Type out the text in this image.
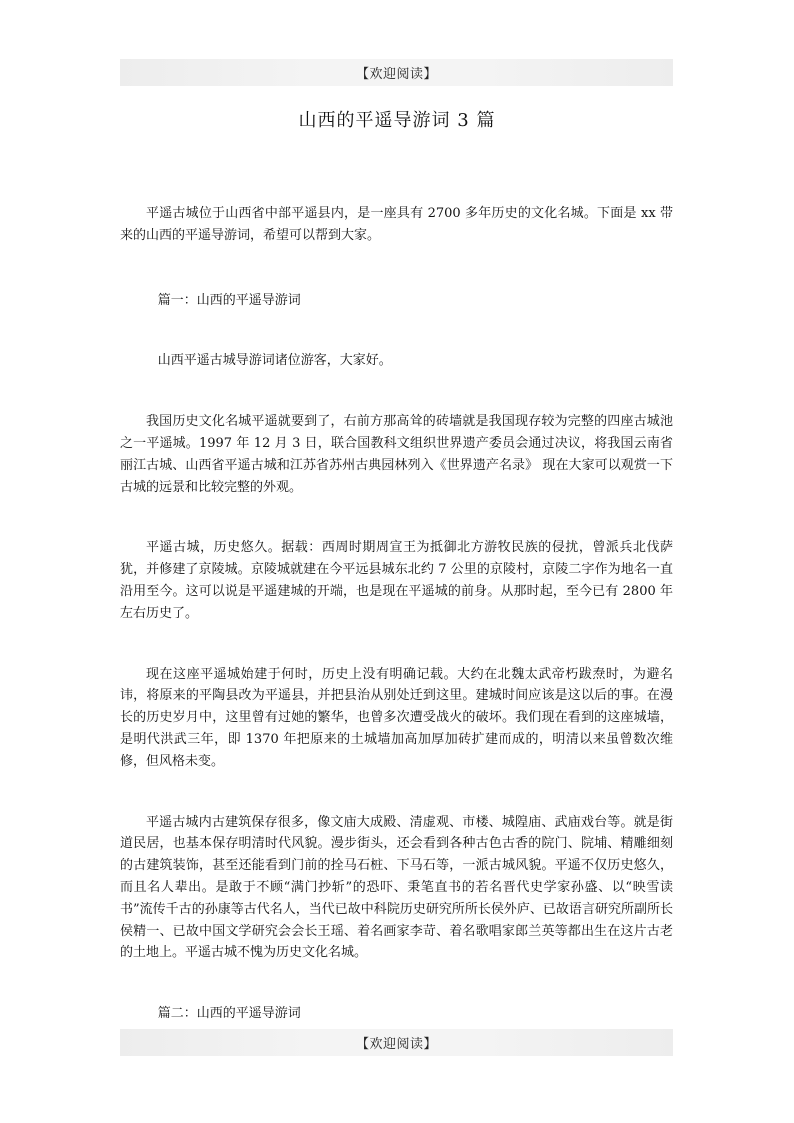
【欢迎阅读】
山西的平遥导游词 3 篇

平遥古城位于山西省中部平遥县内，是一座具有 2700 多年历史的文化名城。下面是 xx 带来的山西的平遥导游词，希望可以帮到大家。

篇一：山西的平遥导游词

山西平遥古城导游词诸位游客，大家好。

我国历史文化名城平遥就要到了，右前方那高耸的砖墙就是我国现存较为完整的四座古城池之一平遥城。1997 年 12 月 3 日，联合国教科文组织世界遗产委员会通过决议，将我国云南省丽江古城、山西省平遥古城和江苏省苏州古典园林列入《世界遗产名录》 现在大家可以观赏一下古城的远景和比较完整的外观。

平遥古城，历史悠久。据载：西周时期周宣王为抵御北方游牧民族的侵扰，曾派兵北伐萨犹，并修建了京陵城。京陵城就建在今平远县城东北约 7 公里的京陵村，京陵二字作为地名一直沿用至今。这可以说是平遥建城的开端，也是现在平遥城的前身。从那时起，至今已有 2800 年左右历史了。

现在这座平遥城始建于何时，历史上没有明确记载。大约在北魏太武帝朽跋焘时，为避名讳，将原来的平陶县改为平遥县，并把县治从别处迁到这里。建城时间应该是这以后的事。在漫长的历史岁月中，这里曾有过她的繁华，也曾多次遭受战火的破坏。我们现在看到的这座城墙，是明代洪武三年，即 1370 年把原来的土城墙加高加厚加砖扩建而成的，明清以来虽曾数次维修，但风格未变。

平遥古城内古建筑保存很多，像文庙大成殿、清虚观、市楼、城隍庙、武庙戏台等。就是街道民居，也基本保存明清时代风貌。漫步街头，还会看到各种古色古香的院门、院埔、精雕细刻的古建筑装饰，甚至还能看到门前的拴马石桩、下马石等，一派古城风貌。平遥不仅历史悠久，而且名人辈出。是敢于不顾“满门抄斩”的恐吓、秉笔直书的若名晋代史学家孙盛、以“映雪读书”流传千古的孙康等古代名人，当代已故中科院历史研究所所长侯外庐、已故语言研究所副所长侯精一、已故中国文学研究会会长王瑶、着名画家李苛、着名歌唱家郎兰英等都出生在这片古老的土地上。平遥古城不愧为历史文化名城。

篇二：山西的平遥导游词

【欢迎阅读】
